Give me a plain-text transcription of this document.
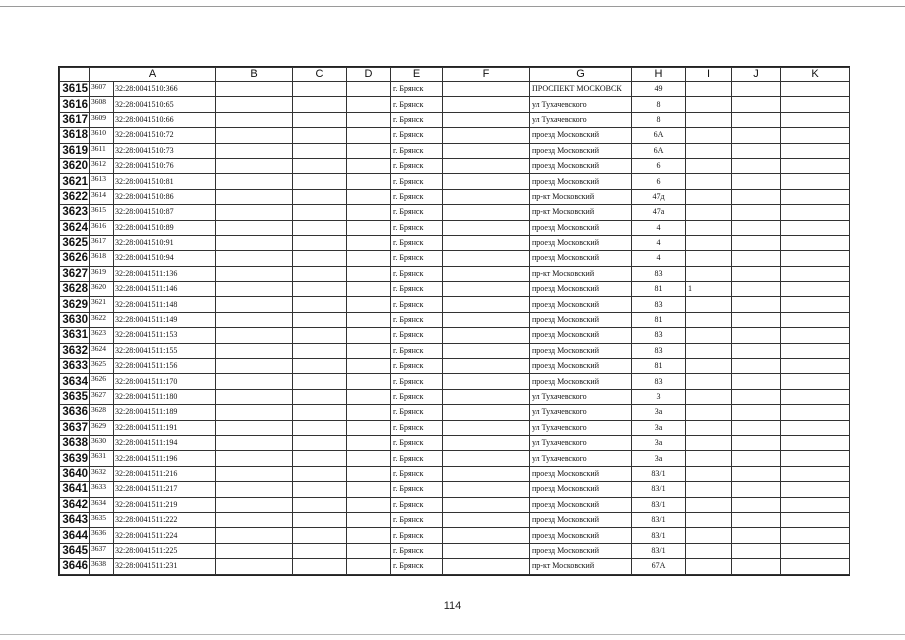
	A		B	C	D	E	F	G	H	I	J	K	
3615	3607	32:28:0041510:366				г. Брянск		ПРОСПЕКТ МОСКОВСК	49				
3616	3608	32:28:0041510:65				г. Брянск		ул Тухачевского	8				
3617	3609	32:28:0041510:66				г. Брянск		ул Тухачевского	8				
3618	3610	32:28:0041510:72				г. Брянск		проезд Московский	6А				
3619	3611	32:28:0041510:73				г. Брянск		проезд Московский	6А				
3620	3612	32:28:0041510:76				г. Брянск		проезд Московский	6				
3621	3613	32:28:0041510:81				г. Брянск		проезд Московский	6				
3622	3614	32:28:0041510:86				г. Брянск		пр-кт Московский	47д				
3623	3615	32:28:0041510:87				г. Брянск		пр-кт Московский	47а				
3624	3616	32:28:0041510:89				г. Брянск		проезд Московский	4				
3625	3617	32:28:0041510:91				г. Брянск		проезд Московский	4				
3626	3618	32:28:0041510:94				г. Брянск		проезд Московский	4				
3627	3619	32:28:0041511:136				г. Брянск		пр-кт Московский	83				
3628	3620	32:28:0041511:146				г. Брянск		проезд Московский	81	1			
3629	3621	32:28:0041511:148				г. Брянск		проезд Московский	83				
3630	3622	32:28:0041511:149				г. Брянск		проезд Московский	81				
3631	3623	32:28:0041511:153				г. Брянск		проезд Московский	83				
3632	3624	32:28:0041511:155				г. Брянск		проезд Московский	83				
3633	3625	32:28:0041511:156				г. Брянск		проезд Московский	81				
3634	3626	32:28:0041511:170				г. Брянск		проезд Московский	83				
3635	3627	32:28:0041511:180				г. Брянск		ул Тухачевского	3				
3636	3628	32:28:0041511:189				г. Брянск		ул Тухачевского	3а				
3637	3629	32:28:0041511:191				г. Брянск		ул Тухачевского	3а				
3638	3630	32:28:0041511:194				г. Брянск		ул Тухачевского	3а				
3639	3631	32:28:0041511:196				г. Брянск		ул Тухачевского	3а				
3640	3632	32:28:0041511:216				г. Брянск		проезд Московский	83/1				
3641	3633	32:28:0041511:217				г. Брянск		проезд Московский	83/1				
3642	3634	32:28:0041511:219				г. Брянск		проезд Московский	83/1				
3643	3635	32:28:0041511:222				г. Брянск		проезд Московский	83/1				
3644	3636	32:28:0041511:224				г. Брянск		проезд Московский	83/1				
3645	3637	32:28:0041511:225				г. Брянск		проезд Московский	83/1				
3646	3638	32:28:0041511:231				г. Брянск		пр-кт Московский	67А				
114
